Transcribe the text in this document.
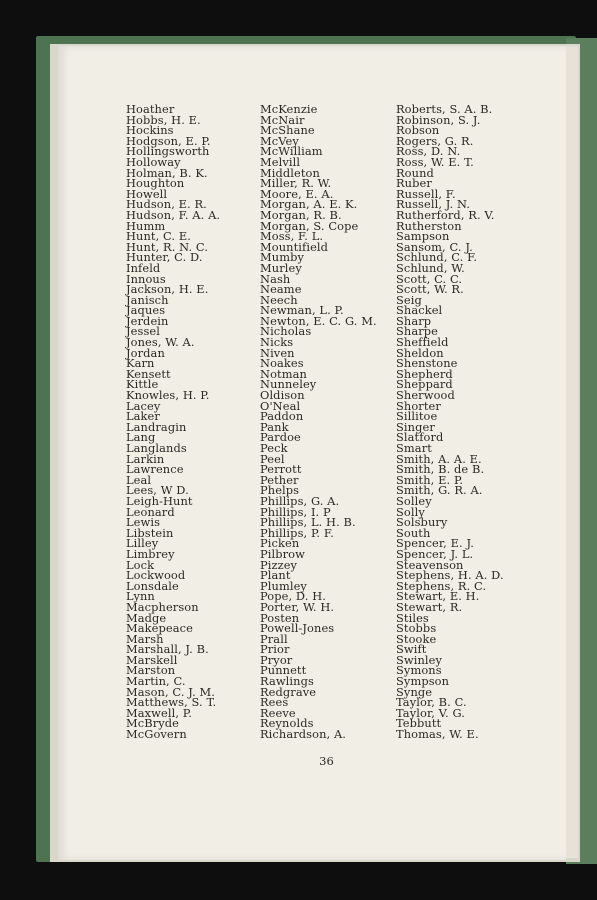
Hoather
Hobbs, H. E.
Hockins
Hodgson, E. P.
Hollingsworth
Holloway
Holman, B. K.
Houghton
Howell
Hudson, E. R.
Hudson, F. A. A.
Humm
Hunt, C. E.
Hunt, R. N. C.
Hunter, C. D.
Infeld
Innous
Jackson, H. E.
Janisch
Jaques
Jerdein
Jessel
Jones, W. A.
Jordan
Karn
Kensett
Kittle
Knowles, H. P.
Lacey
Laker
Landragin
Lang
Langlands
Larkin
Lawrence
Leal
Lees, W D.
Leigh-Hunt
Leonard
Lewis
Libstein
Lilley
Limbrey
Lock
Lockwood
Lonsdale
Lynn
Macpherson
Madge
Makepeace
Marsh
Marshall, J. B.
Marskell
Marston
Martin, C.
Mason, C. J. M.
Matthews, S. T.
Maxwell, P.
McBryde
McGovern
McKenzie
McNair
McShane
McVey
McWilliam
Melvill
Middleton
Miller, R. W.
Moore, E. A.
Morgan, A. E. K.
Morgan, R. B.
Morgan, S. Cope
Moss, F. L.
Mountifield
Mumby
Murley
Nash
Neame
Neech
Newman, L. P.
Newton, E. C. G. M.
Nicholas
Nicks
Niven
Noakes
Notman
Nunneley
Oldison
O'Neal
Paddon
Pank
Pardoe
Peck
Peel
Perrott
Pether
Phelps
Phillips, G. A.
Phillips, I. P
Phillips, L. H. B.
Phillips, P. F.
Picken
Pilbrow
Pizzey
Plant
Plumley
Pope, D. H.
Porter, W. H.
Posten
Powell-Jones
Prall
Prior
Pryor
Punnett
Rawlings
Redgrave
Rees
Reeve
Reynolds
Richardson, A.
Roberts, S. A. B.
Robinson, S. J.
Robson
Rogers, G. R.
Ross, D. N.
Ross, W. E. T.
Round
Ruber
Russell, F.
Russell, J. N.
Rutherford, R. V.
Rutherston
Sampson
Sansom, C. J.
Schlund, C. F.
Schlund, W.
Scott, C. C.
Scott, W. R.
Seig
Shackel
Sharp
Sharpe
Sheffield
Sheldon
Shenstone
Shepherd
Sheppard
Sherwood
Shorter
Sillitoe
Singer
Slatford
Smart
Smith, A. A. E.
Smith, B. de B.
Smith, E. P.
Smith, G. R. A.
Solley
Solly
Solsbury
South
Spencer, E. J.
Spencer, J. L.
Steavenson
Stephens, H. A. D.
Stephens, R. C.
Stewart, E. H.
Stewart, R.
Stiles
Stobbs
Stooke
Swift
Swinley
Symons
Sympson
Synge
Taylor, B. C.
Taylor, V. G.
Tebbutt
Thomas, W. E.
36
